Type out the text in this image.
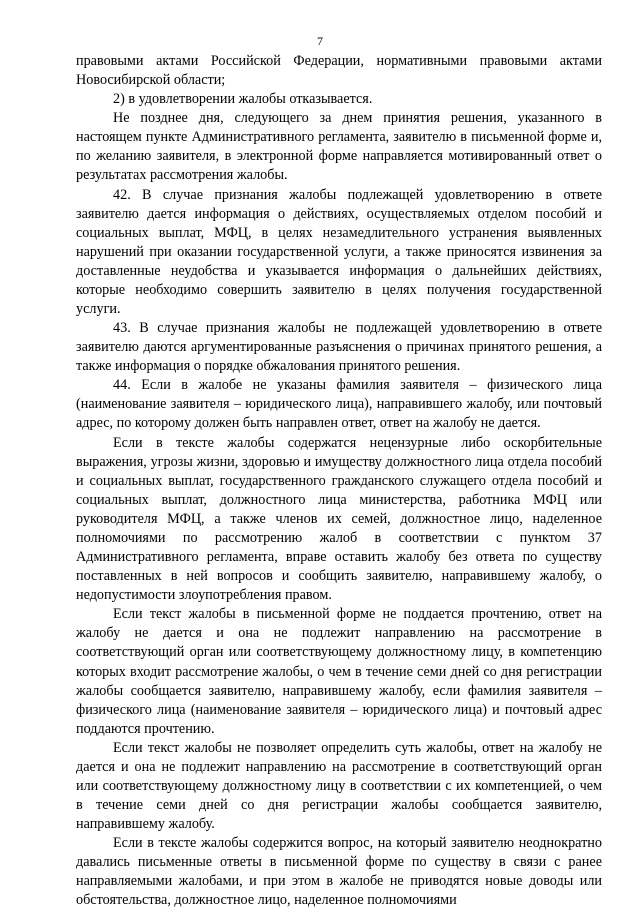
7

правовыми актами Российской Федерации, нормативными правовыми актами Новосибирской области;

2) в удовлетворении жалобы отказывается.

Не позднее дня, следующего за днем принятия решения, указанного в настоящем пункте Административного регламента, заявителю в письменной форме и, по желанию заявителя, в электронной форме направляется мотивированный ответ о результатах рассмотрения жалобы.

42. В случае признания жалобы подлежащей удовлетворению в ответе заявителю дается информация о действиях, осуществляемых отделом пособий и социальных выплат, МФЦ, в целях незамедлительного устранения выявленных нарушений при оказании государственной услуги, а также приносятся извинения за доставленные неудобства и указывается информация о дальнейших действиях, которые необходимо совершить заявителю в целях получения государственной услуги.

43. В случае признания жалобы не подлежащей удовлетворению в ответе заявителю даются аргументированные разъяснения о причинах принятого решения, а также информация о порядке обжалования принятого решения.

44. Если в жалобе не указаны фамилия заявителя – физического лица (наименование заявителя – юридического лица), направившего жалобу, или почтовый адрес, по которому должен быть направлен ответ, ответ на жалобу не дается.

Если в тексте жалобы содержатся нецензурные либо оскорбительные выражения, угрозы жизни, здоровью и имуществу должностного лица отдела пособий и социальных выплат, государственного гражданского служащего отдела пособий и социальных выплат, должностного лица министерства, работника МФЦ или руководителя МФЦ, а также членов их семей, должностное лицо, наделенное полномочиями по рассмотрению жалоб в соответствии с пунктом 37 Административного регламента, вправе оставить жалобу без ответа по существу поставленных в ней вопросов и сообщить заявителю, направившему жалобу, о недопустимости злоупотребления правом.

Если текст жалобы в письменной форме не поддается прочтению, ответ на жалобу не дается и она не подлежит направлению на рассмотрение в соответствующий орган или соответствующему должностному лицу, в компетенцию которых входит рассмотрение жалобы, о чем в течение семи дней со дня регистрации жалобы сообщается заявителю, направившему жалобу, если фамилия заявителя – физического лица (наименование заявителя – юридического лица) и почтовый адрес поддаются прочтению.

Если текст жалобы не позволяет определить суть жалобы, ответ на жалобу не дается и она не подлежит направлению на рассмотрение в соответствующий орган или соответствующему должностному лицу в соответствии с их компетенцией, о чем в течение семи дней со дня регистрации жалобы сообщается заявителю, направившему жалобу.

Если в тексте жалобы содержится вопрос, на который заявителю неоднократно давались письменные ответы в письменной форме по существу в связи с ранее направляемыми жалобами, и при этом в жалобе не приводятся новые доводы или обстоятельства, должностное лицо, наделенное полномочиями
